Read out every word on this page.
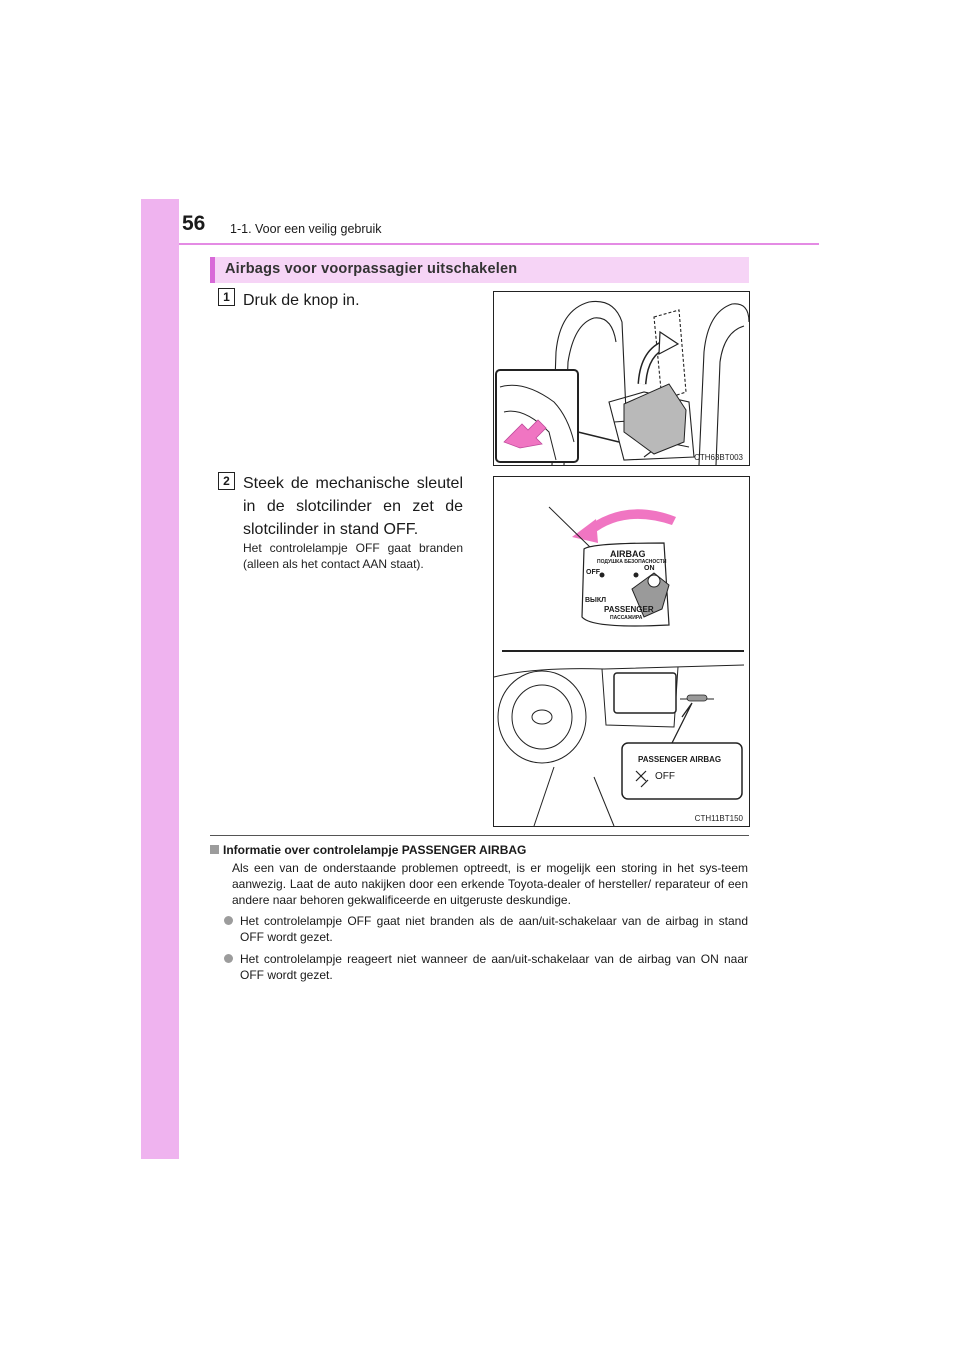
56 1-1. Voor een veilig gebruik
Airbags voor voorpassagier uitschakelen
1 Druk de knop in.
2 Steek de mechanische sleutel in de slotcilinder en zet de slotcilinder in stand OFF.
Het controlelampje OFF gaat branden (alleen als het contact AAN staat).
CTH63BT003
AIRBAG
ПОДУШКА БЕЗОПАСНОСТИ
OFF
ON
ВЫКЛ
PASSENGER
ПАССАЖИРА
PASSENGER AIRBAG
OFF
CTH11BT150
Informatie over controlelampje PASSENGER AIRBAG
Als een van de onderstaande problemen optreedt, is er mogelijk een storing in het sys-teem aanwezig. Laat de auto nakijken door een erkende Toyota-dealer of hersteller/ reparateur of een andere naar behoren gekwalificeerde en uitgeruste deskundige.
Het controlelampje OFF gaat niet branden als de aan/uit-schakelaar van de airbag in stand OFF wordt gezet.
Het controlelampje reageert niet wanneer de aan/uit-schakelaar van de airbag van ON naar OFF wordt gezet.
